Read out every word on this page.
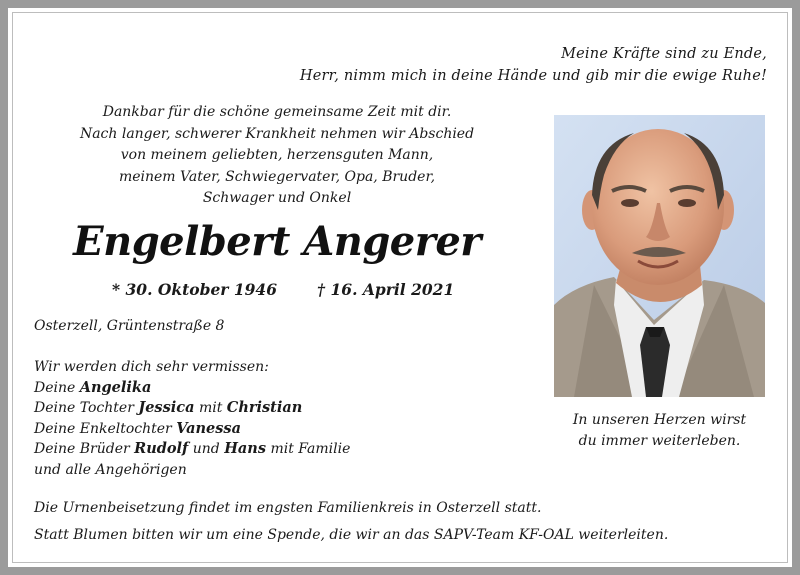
Meine Kräfte sind zu Ende,
Herr, nimm mich in deine Hände und gib mir die ewige Ruhe!
Dankbar für die schöne gemeinsame Zeit mit dir.
Nach langer, schwerer Krankheit nehmen wir Abschied
von meinem geliebten, herzensguten Mann,
meinem Vater, Schwiegervater, Opa, Bruder,
Schwager und Onkel
Engelbert Angerer
* 30. Oktober 1946	† 16. April 2021
Osterzell, Grüntenstraße 8
Wir werden dich sehr vermissen:
Deine Angelika
Deine Tochter Jessica mit Christian
Deine Enkeltochter Vanessa
Deine Brüder Rudolf und Hans mit Familie
und alle Angehörigen
In unseren Herzen wirst
du immer weiterleben.
Die Urnenbeisetzung findet im engsten Familienkreis in Osterzell statt.
Statt Blumen bitten wir um eine Spende, die wir an das SAPV-Team KF-OAL weiterleiten.
